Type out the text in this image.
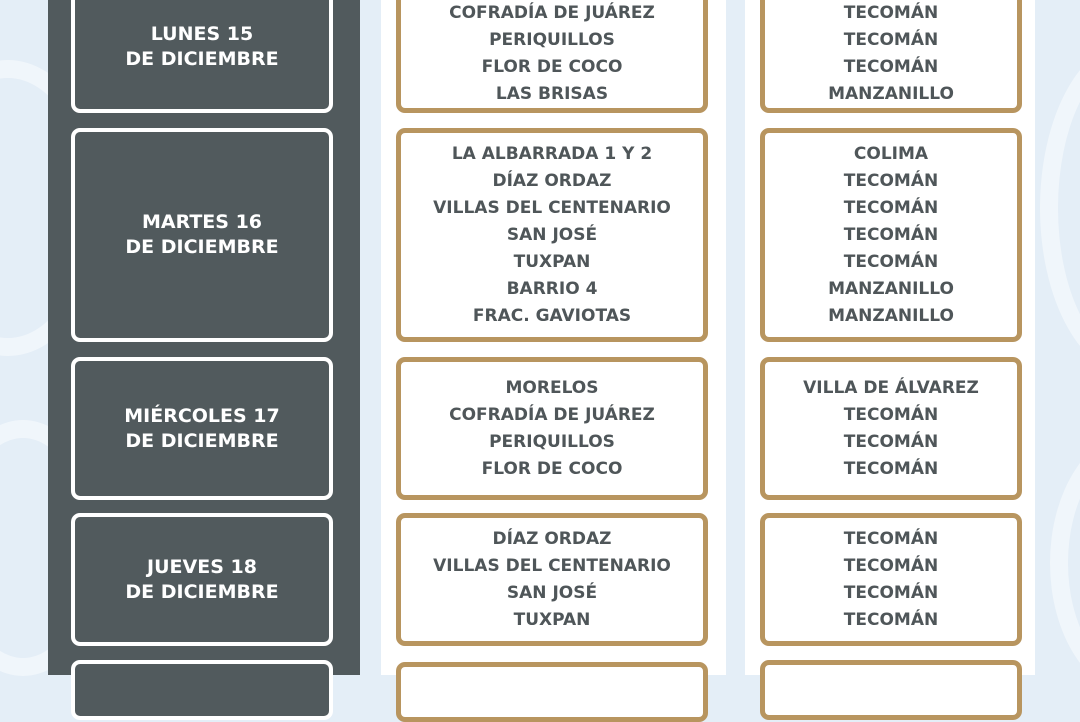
LUNES 15
DE DICIEMBRE
COFRADÍA DE JUÁREZ
PERIQUILLOS
FLOR DE COCO
LAS BRISAS
TECOMÁN
TECOMÁN
TECOMÁN
MANZANILLO
MARTES 16
DE DICIEMBRE
LA ALBARRADA 1 Y 2
DÍAZ ORDAZ
VILLAS DEL CENTENARIO
SAN JOSÉ
TUXPAN
BARRIO 4
FRAC. GAVIOTAS
COLIMA
TECOMÁN
TECOMÁN
TECOMÁN
TECOMÁN
MANZANILLO
MANZANILLO
MIÉRCOLES 17
DE DICIEMBRE
MORELOS
COFRADÍA DE JUÁREZ
PERIQUILLOS
FLOR DE COCO
VILLA DE ÁLVAREZ
TECOMÁN
TECOMÁN
TECOMÁN
JUEVES 18
DE DICIEMBRE
DÍAZ ORDAZ
VILLAS DEL CENTENARIO
SAN JOSÉ
TUXPAN
TECOMÁN
TECOMÁN
TECOMÁN
TECOMÁN
